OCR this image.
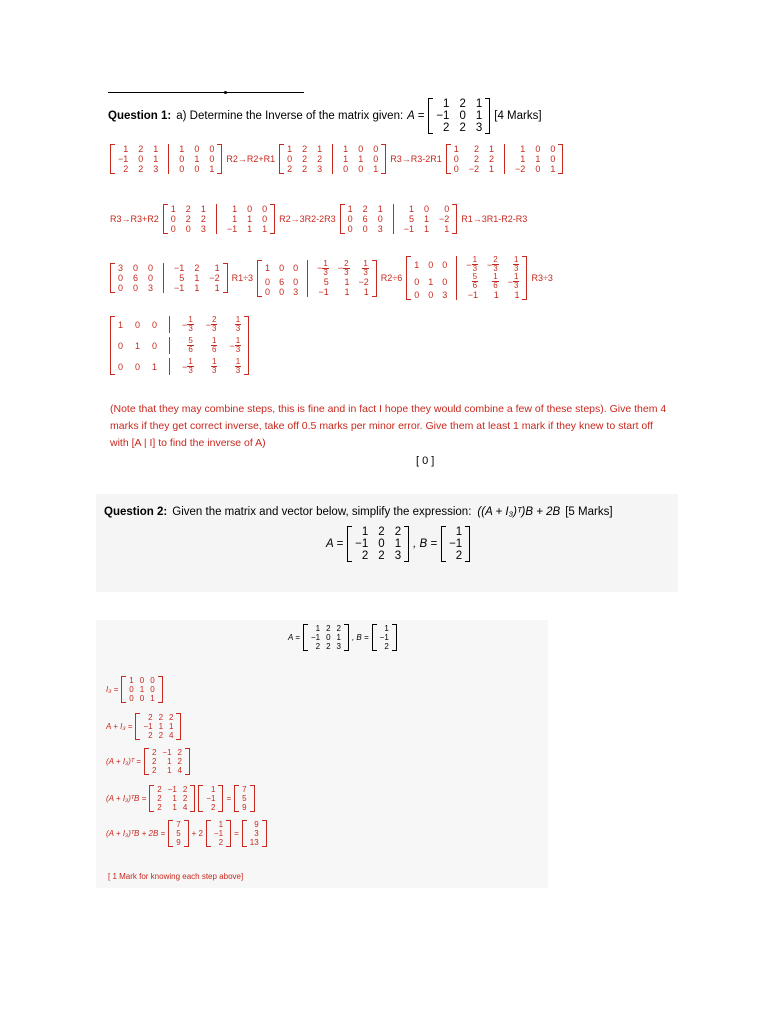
Question 1: a) Determine the Inverse of the matrix given: A =
1 2 1
−1 0 1
2 2 3
[4 Marks]
1 2 1 1 0 0
−1 0 1 0 1 0
2 2 3 0 0 1
R2→R2+R1
1 2 1 1 0 0
0 2 2 1 1 0
2 2 3 0 0 1
R3→R3-2R1
1 2 1	1 0 0
0 2 2	1 1 0
0 −2 1 −2 0 1
R3→R3+R2
1 2 1	1 0 0
0 2 2	1 1 0
0 0 3 −1 1 1
R2→3R2-2R3
1 2 1	1 0 0
0 6 0	5 1 −2
0 0 3 −1 1 1
R1→3R1-R2-R3
3 0 0 −1 2 1
0 6 0	5 1 −2
0 0 3 −1 1 1
R1÷3
1 0 $0 - \frac{1}{3} - \frac{2}{3} \frac{1}{3}$
0 6 0	5 1 −2
0 0 3 −1 1 1
R2÷6
1 0 $0 - \frac{1}{3} - \frac{2}{3} \frac{1}{3}$
0 1 0	$\frac{5}{6} \frac{1}{6} - \frac{1}{3}$
0 0 3 −1 1 1
R3÷3
1 0 0	− $\frac{1}{3} - \frac{2}{3} \frac{1}{3}$
0 1 0	$\frac{5}{6} \frac{1}{6} - \frac{1}{3}$
0 0 1	− $\frac{1}{3} \frac{1}{3} \frac{1}{3}$
(Note that they may combine steps, this is fine and in fact I hope they would combine a few of these steps). Give them 4 marks if they get correct inverse, take off 0.5 marks per minor error. Give them at least 1 mark if they knew to start off with [A | I] to find the inverse of A)
[ 0 ]
Question 2: Given the matrix and vector below, simplify the expression: ((A + I₃)ᵀ)B + 2B [5 Marks]
A =
1 2 2
−1 0 1
2 2 3
, B =
1
−1
2
A =
1 2 2
−1 0 1
2 2 3
, B =
1
−1
2
I₃ =
1 0 0
0 1 0
0 0 1
A + I₃ =
2 2 2
−1 1 1
2 2 4
(A + I₃)ᵀ =
2 −1 2
2 1 2
2 1 4
(A + I₃)ᵀB =
2 −1 2
2 1 2
2 1 4
1
−1
2
=
7
5
9
(A + I₃)ᵀB + 2B =
7
5
9
+ 2
1
−1
2
=
9
3
13
[ 1 Mark for knowing each step above]
